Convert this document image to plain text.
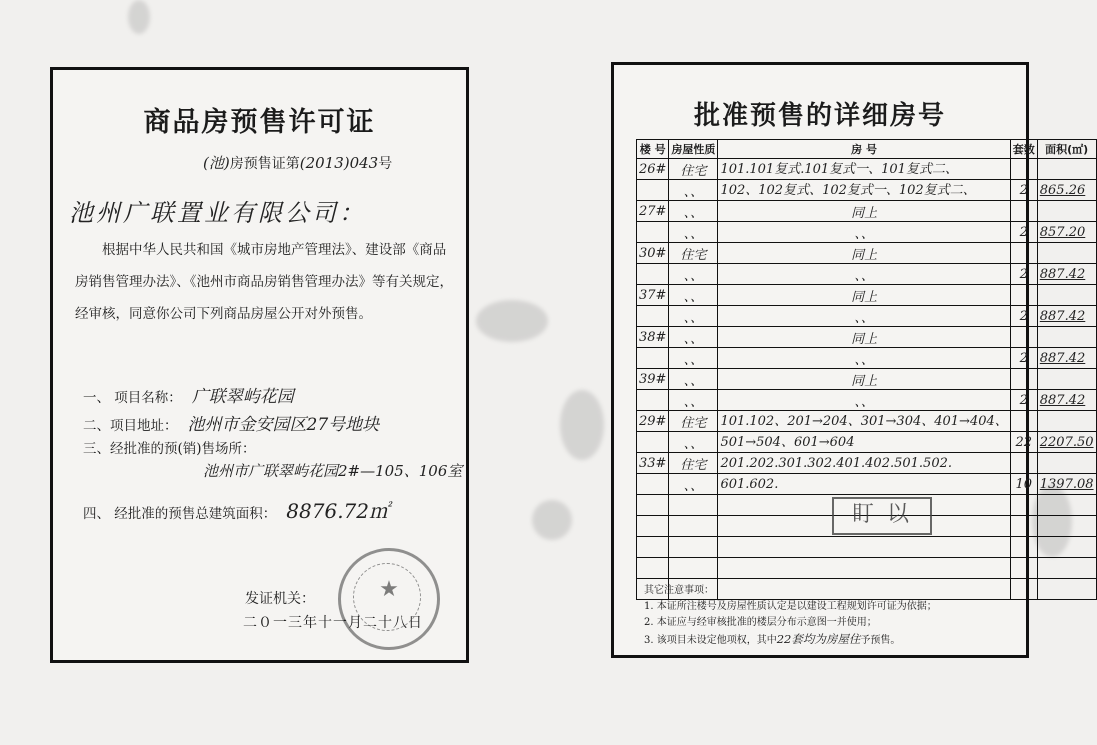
商品房预售许可证
(池)房预售证第(2013)043号
池州广联置业有限公司：
根据中华人民共和国《城市房地产管理法》、建设部《商品房销售管理办法》、《池州市商品房销售管理办法》等有关规定，经审核，同意你公司下列商品房屋公开对外预售。
一、 项目名称： 广联翠屿花园
二、项目地址： 池州市金安园区27号地块
三、经批准的预(销)售场所：
池州市广联翠屿花园2#—105、106室
四、 经批准的预售总建筑面积： 8876.72㎡
★
发证机关：
二０一三年十一月二十八日
批准预售的详细房号
楼 号	房屋性质	房 号	套数	面积(㎡)
26#	住宅	101.101复式.101复式一、101复式二、		
	、、	102、102复式、102复式一、102复式二、	2	865.26
27#	、、	同上		
	、、	、、	2	857.20
30#	住宅	同上		
	、、	、、	2	887.42
37#	、、	同上		
	、、	、、	2	887.42
38#	、、	同上		
	、、	、、	2	887.42
39#	、、	同上		
	、、	、、	2	887.42
29#	住宅	101.102、201→204、301→304、401→404、		
	、、	501→504、601→604	22	2207.50
33#	住宅	201.202.301.302.401.402.501.502.		
	、、	601.602.	10	1397.08

盯 以
其它注意事项：
1. 本证所注楼号及房屋性质认定是以建设工程规划许可证为依据；
2. 本证应与经审核批准的楼层分布示意图一并使用；
3. 该项目未设定他项权，其中22套均为房屋住予预售。
